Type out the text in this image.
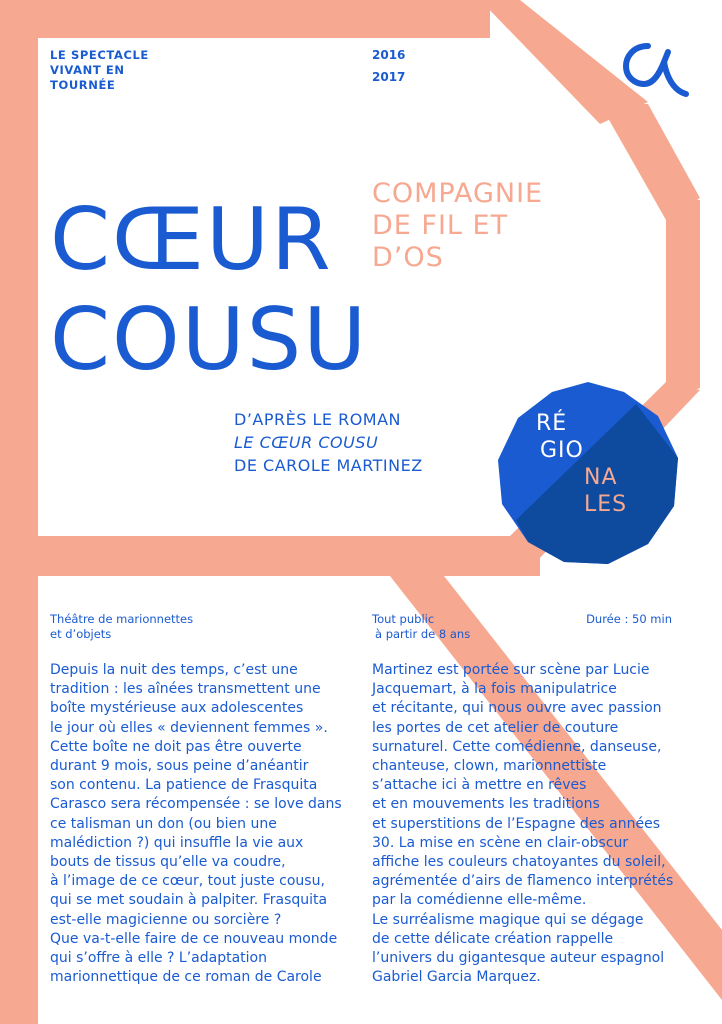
LE SPECTACLE
VIVANT EN
TOURNÉE
2016
2017
COMPAGNIE
DE FIL ET
D’OS
CŒUR
COUSU
D’APRÈS LE ROMAN
LE CŒUR COUSU
DE CAROLE MARTINEZ
RÉ
GIO
NA
LES
Théâtre de marionnettes
et d’objets
Tout public
à partir de 8 ans
Durée : 50 min
Depuis la nuit des temps, c’est une
tradition : les aînées transmettent une
boîte mystérieuse aux adolescentes
le jour où elles « deviennent femmes ».
Cette boîte ne doit pas être ouverte
durant 9 mois, sous peine d’anéantir
son contenu. La patience de Frasquita
Carasco sera récompensée : se love dans
ce talisman un don (ou bien une
malédiction ?) qui insuffle la vie aux
bouts de tissus qu’elle va coudre,
à l’image de ce cœur, tout juste cousu,
qui se met soudain à palpiter. Frasquita
est-elle magicienne ou sorcière ?
Que va-t-elle faire de ce nouveau monde
qui s’offre à elle ? L’adaptation
marionnettique de ce roman de Carole
Martinez est portée sur scène par Lucie
Jacquemart, à la fois manipulatrice
et récitante, qui nous ouvre avec passion
les portes de cet atelier de couture
surnaturel. Cette comédienne, danseuse,
chanteuse, clown, marionnettiste
s’attache ici à mettre en rêves
et en mouvements les traditions
et superstitions de l’Espagne des années
30. La mise en scène en clair-obscur
affiche les couleurs chatoyantes du soleil,
agrémentée d’airs de flamenco interprétés
par la comédienne elle-même.
Le surréalisme magique qui se dégage
de cette délicate création rappelle
l’univers du gigantesque auteur espagnol
Gabriel Garcia Marquez.
